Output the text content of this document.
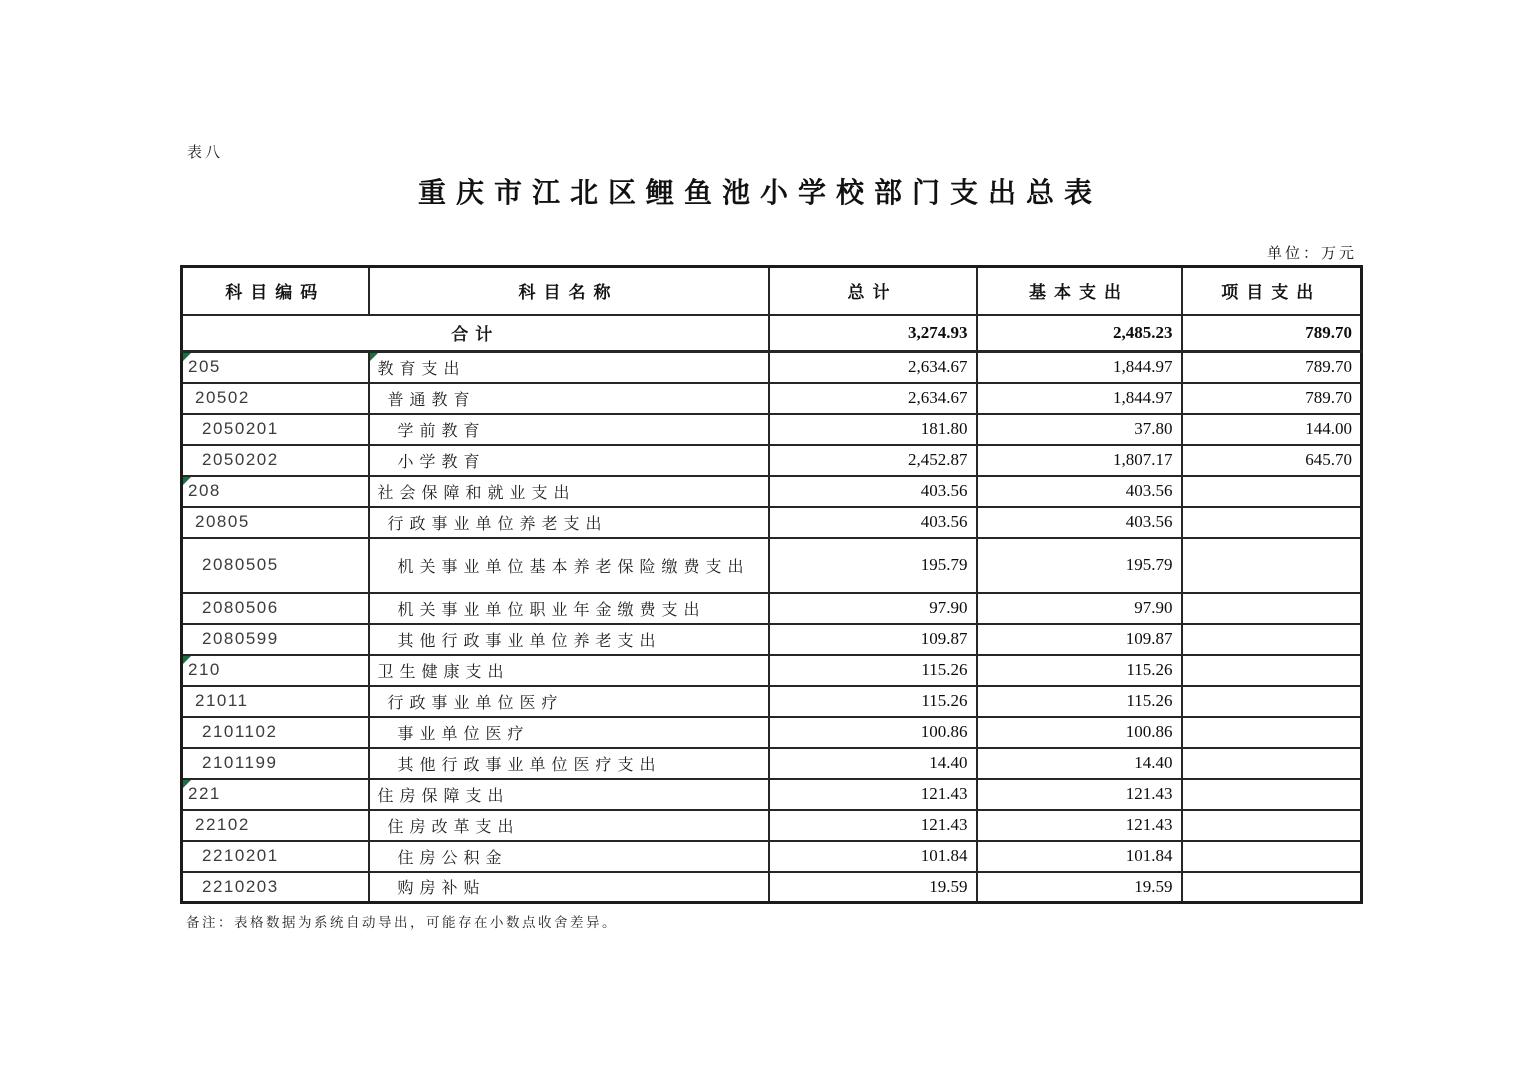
表八
重庆市江北区鲤鱼池小学校部门支出总表
单位：万元
科目编码	科目名称	总计	基本支出	项目支出
合计		3,274.93	2,485.23	789.70

205	教育支出	2,634.67	1,844.97	789.70
20502	普通教育	2,634.67	1,844.97	789.70
2050201	学前教育	181.80	37.80	144.00
2050202	小学教育	2,452.87	1,807.17	645.70

208	社会保障和就业支出	403.56	403.56	
20805	行政事业单位养老支出	403.56	403.56	
2080505	机关事业单位基本养老保险缴费支出	195.79	195.79	
2080506	机关事业单位职业年金缴费支出	97.90	97.90	
2080599	其他行政事业单位养老支出	109.87	109.87	

210	卫生健康支出	115.26	115.26	
21011	行政事业单位医疗	115.26	115.26	
2101102	事业单位医疗	100.86	100.86	
2101199	其他行政事业单位医疗支出	14.40	14.40	

221	住房保障支出	121.43	121.43	
22102	住房改革支出	121.43	121.43	
2210201	住房公积金	101.84	101.84	
2210203	购房补贴	19.59	19.59	
备注：表格数据为系统自动导出，可能存在小数点收舍差异。
